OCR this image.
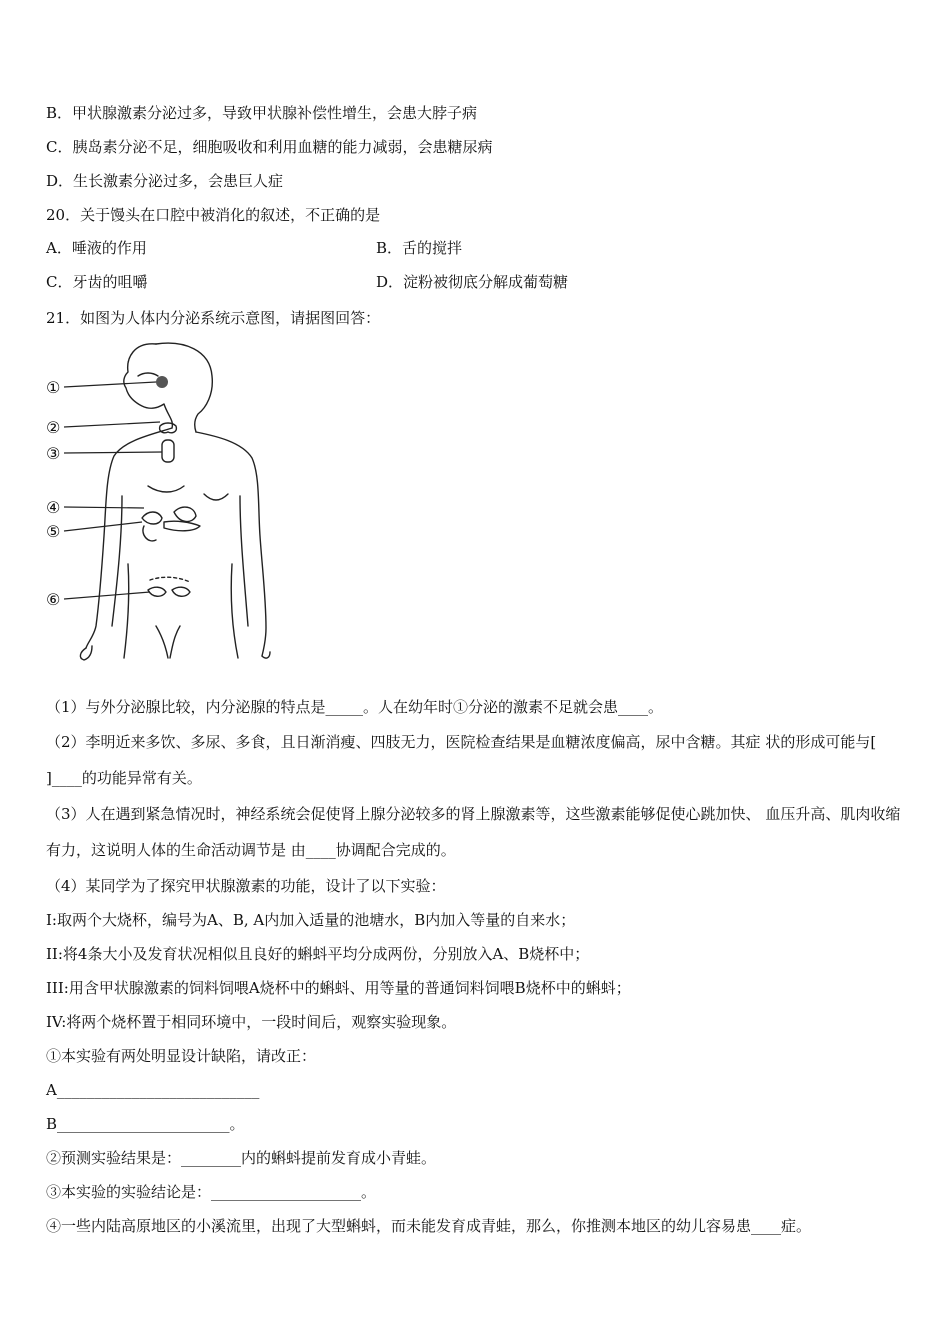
B．甲状腺激素分泌过多，导致甲状腺补偿性增生，会患大脖子病
C．胰岛素分泌不足，细胞吸收和利用血糖的能力减弱，会患糖尿病
D．生长激素分泌过多，会患巨人症
20．关于馒头在口腔中被消化的叙述，不正确的是
A．唾液的作用	B．舌的搅拌
C．牙齿的咀嚼	D．淀粉被彻底分解成葡萄糖
21．如图为人体内分泌系统示意图，请据图回答：
①
②
③
④
⑤
⑥
（1）与外分泌腺比较，内分泌腺的特点是_____。人在幼年时①分泌的激素不足就会患____。
（2）李明近来多饮、多尿、多食，且日渐消瘦、四肢无力，医院检查结果是血糖浓度偏高，尿中含糖。其症 状的形成可能与[ ]____的功能异常有关。
（3）人在遇到紧急情况时，神经系统会促使肾上腺分泌较多的肾上腺激素等，这些激素能够促使心跳加快、 血压升高、肌肉收缩有力，这说明人体的生命活动调节是 由____协调配合完成的。
（4）某同学为了探究甲状腺激素的功能，设计了以下实验：
I:取两个大烧杯，编号为A、B, A内加入适量的池塘水，B内加入等量的自来水；
II:将4条大小及发育状况相似且良好的蝌蚪平均分成两份，分别放入A、B烧杯中；
III:用含甲状腺激素的饲料饲喂A烧杯中的蝌蚪、用等量的普通饲料饲喂B烧杯中的蝌蚪；
IV:将两个烧杯置于相同环境中，一段时间后，观察实验现象。
①本实验有两处明显设计缺陷，请改正：
A___________________________
B_______________________。
②预测实验结果是：________内的蝌蚪提前发育成小青蛙。
③本实验的实验结论是：____________________。
④一些内陆高原地区的小溪流里，出现了大型蝌蚪，而未能发育成青蛙，那么，你推测本地区的幼儿容易患____症。
